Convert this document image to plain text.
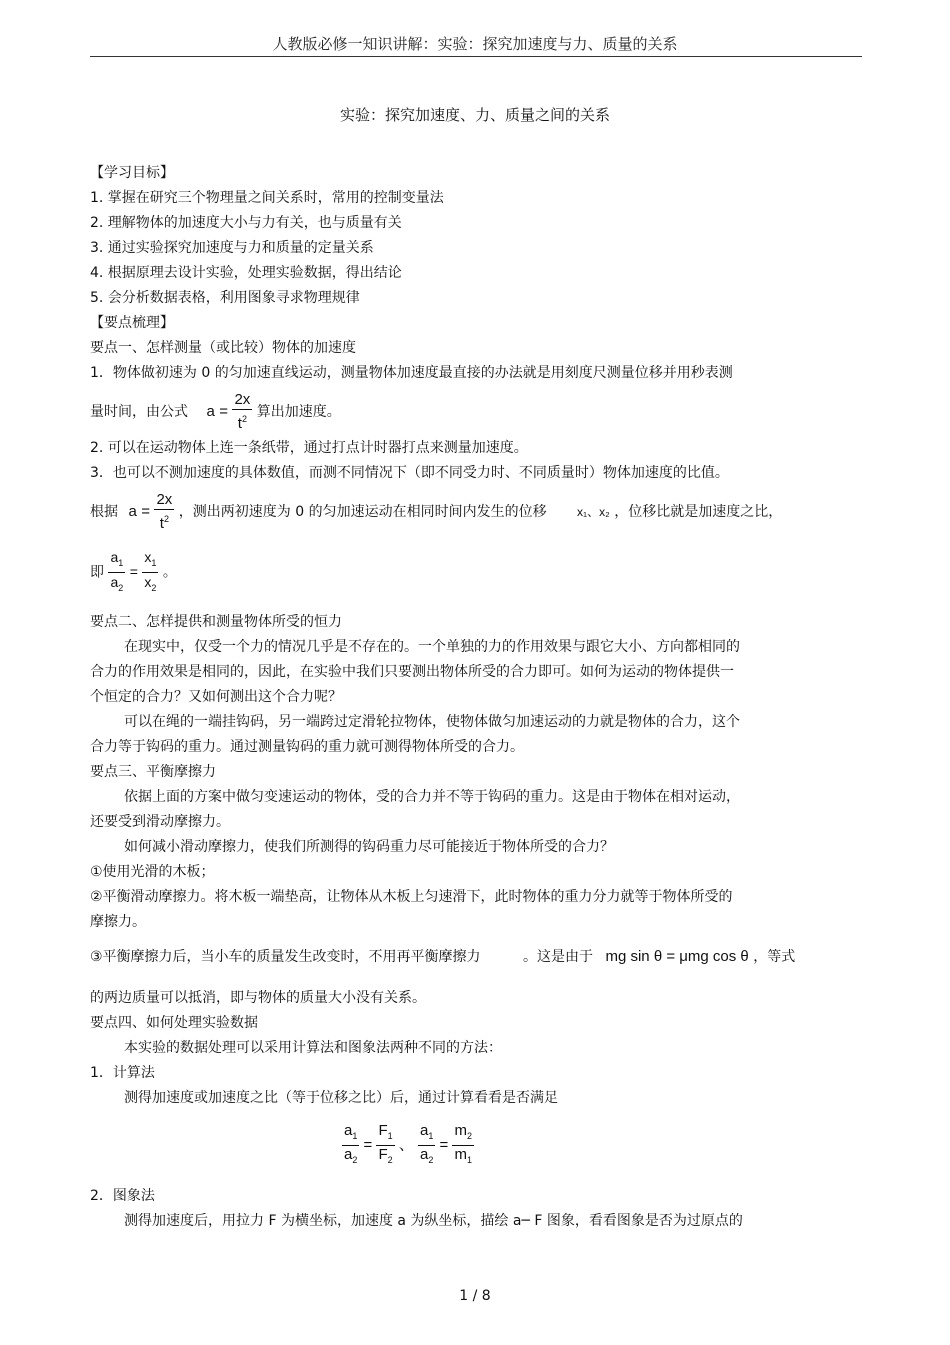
人教版必修一知识讲解：实验：探究加速度与力、质量的关系
实验：探究加速度、力、质量之间的关系
【学习目标】
1. 掌握在研究三个物理量之间关系时，常用的控制变量法
2. 理解物体的加速度大小与力有关，也与质量有关
3. 通过实验探究加速度与力和质量的定量关系
4. 根据原理去设计实验，处理实验数据，得出结论
5. 会分析数据表格，利用图象寻求物理规律
【要点梳理】
要点一、怎样测量（或比较）物体的加速度
1．物体做初速为 0 的匀加速直线运动，测量物体加速度最直接的办法就是用刻度尺测量位移并用秒表测
量时间，由公式 $a = \frac{2x}{t^2}$ 算出加速度。
2. 可以在运动物体上连一条纸带，通过打点计时器打点来测量加速度。
3．也可以不测加速度的具体数值，而测不同情况下（即不同受力时、不同质量时）物体加速度的比值。
根据 $a = \frac{2x}{t^2}$ ，测出两初速度为 0 的匀加速运动在相同时间内发生的位移	x₁、x₂ ，位移比就是加速度之比，
即 $\frac{a_1}{a_2} = \frac{x_1}{x_2}$ 。
要点二、怎样提供和测量物体所受的恒力
在现实中，仅受一个力的情况几乎是不存在的。一个单独的力的作用效果与跟它大小、方向都相同的
合力的作用效果是相同的，因此，在实验中我们只要测出物体所受的合力即可。如何为运动的物体提供一
个恒定的合力？又如何测出这个合力呢？
可以在绳的一端挂钩码，另一端跨过定滑轮拉物体，使物体做匀加速运动的力就是物体的合力，这个
合力等于钩码的重力。通过测量钩码的重力就可测得物体所受的合力。
要点三、平衡摩擦力
依据上面的方案中做匀变速运动的物体，受的合力并不等于钩码的重力。这是由于物体在相对运动，
还要受到滑动摩擦力。
如何减小滑动摩擦力，使我们所测得的钩码重力尽可能接近于物体所受的合力？
①使用光滑的木板；
②平衡滑动摩擦力。将木板一端垫高，让物体从木板上匀速滑下，此时物体的重力分力就等于物体所受的
摩擦力。
③平衡摩擦力后，当小车的质量发生改变时，不用再平衡摩擦力	。这是由于 mg sin θ = μmg cos θ ，等式
的两边质量可以抵消，即与物体的质量大小没有关系。
要点四、如何处理实验数据
本实验的数据处理可以采用计算法和图象法两种不同的方法：
1．计算法
测得加速度或加速度之比（等于位移之比）后，通过计算看看是否满足
$\frac{a_1}{a_2} = \frac{F_1}{F_2}$ 、 $\frac{a_1}{a_2} = \frac{m_2}{m_1}$
2．图象法
测得加速度后，用拉力 F 为横坐标，加速度 a 为纵坐标，描绘 a─ F 图象，看看图象是否为过原点的
1 / 8
